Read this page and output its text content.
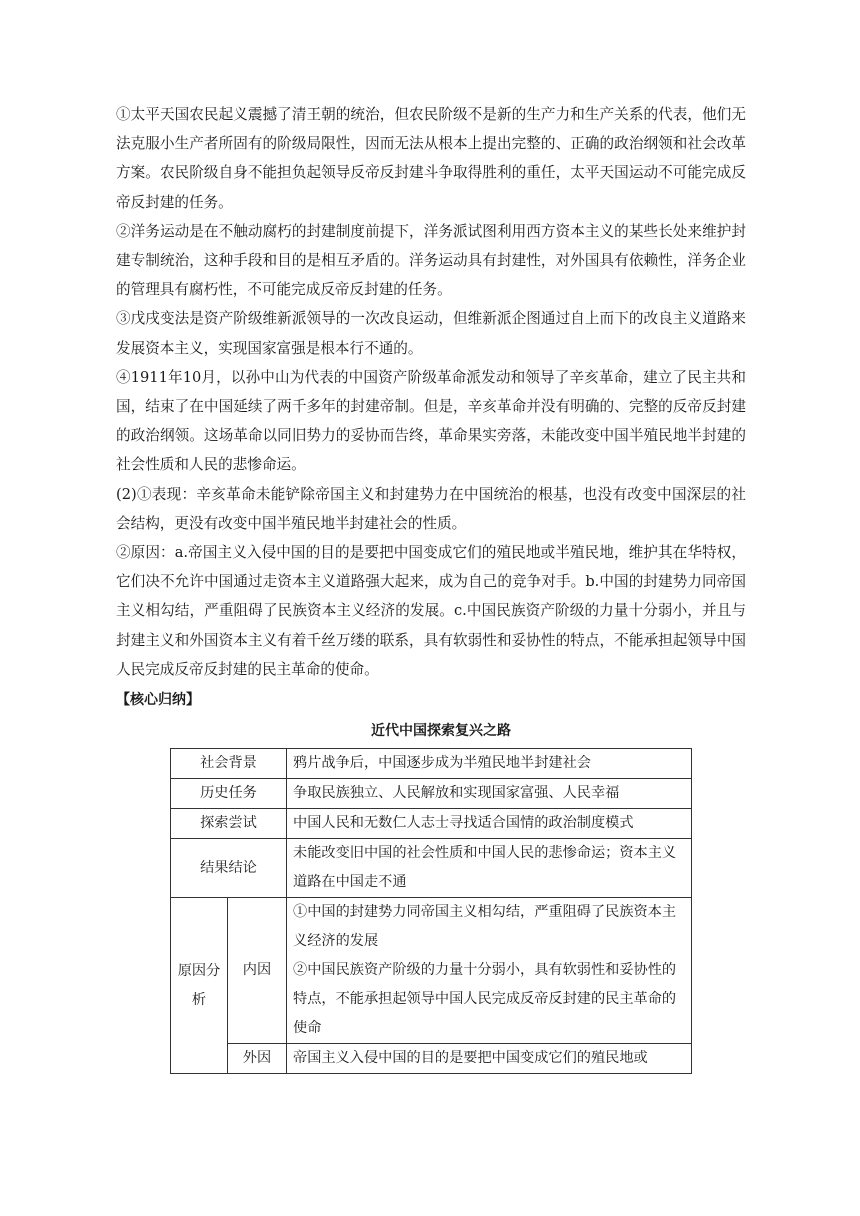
①太平天国农民起义震撼了清王朝的统治，但农民阶级不是新的生产力和生产关系的代表，他们无法克服小生产者所固有的阶级局限性，因而无法从根本上提出完整的、正确的政治纲领和社会改革方案。农民阶级自身不能担负起领导反帝反封建斗争取得胜利的重任，太平天国运动不可能完成反帝反封建的任务。

②洋务运动是在不触动腐朽的封建制度前提下，洋务派试图利用西方资本主义的某些长处来维护封建专制统治，这种手段和目的是相互矛盾的。洋务运动具有封建性，对外国具有依赖性，洋务企业的管理具有腐朽性，不可能完成反帝反封建的任务。

③戊戌变法是资产阶级维新派领导的一次改良运动，但维新派企图通过自上而下的改良主义道路来发展资本主义，实现国家富强是根本行不通的。

④1911年10月，以孙中山为代表的中国资产阶级革命派发动和领导了辛亥革命，建立了民主共和国，结束了在中国延续了两千多年的封建帝制。但是，辛亥革命并没有明确的、完整的反帝反封建的政治纲领。这场革命以同旧势力的妥协而告终，革命果实旁落，未能改变中国半殖民地半封建的社会性质和人民的悲惨命运。

(2)①表现：辛亥革命未能铲除帝国主义和封建势力在中国统治的根基，也没有改变中国深层的社会结构，更没有改变中国半殖民地半封建社会的性质。

②原因：a.帝国主义入侵中国的目的是要把中国变成它们的殖民地或半殖民地，维护其在华特权，它们决不允许中国通过走资本主义道路强大起来，成为自己的竞争对手。b.中国的封建势力同帝国主义相勾结，严重阻碍了民族资本主义经济的发展。c.中国民族资产阶级的力量十分弱小，并且与封建主义和外国资本主义有着千丝万缕的联系，具有软弱性和妥协性的特点，不能承担起领导中国人民完成反帝反封建的民主革命的使命。

【核心归纳】
近代中国探索复兴之路
社会背景		鸦片战争后，中国逐步成为半殖民地半封建社会
历史任务		争取民族独立、人民解放和实现国家富强、人民幸福
探索尝试		中国人民和无数仁人志士寻找适合国情的政治制度模式
结果结论		未能改变旧中国的社会性质和中国人民的悲惨命运；资本主义道路在中国走不通
原因分析	内因	①中国的封建势力同帝国主义相勾结，严重阻碍了民族资本主义经济的发展
②中国民族资产阶级的力量十分弱小，具有软弱性和妥协性的特点，不能承担起领导中国人民完成反帝反封建的民主革命的使命

	外因	帝国主义入侵中国的目的是要把中国变成它们的殖民地或
